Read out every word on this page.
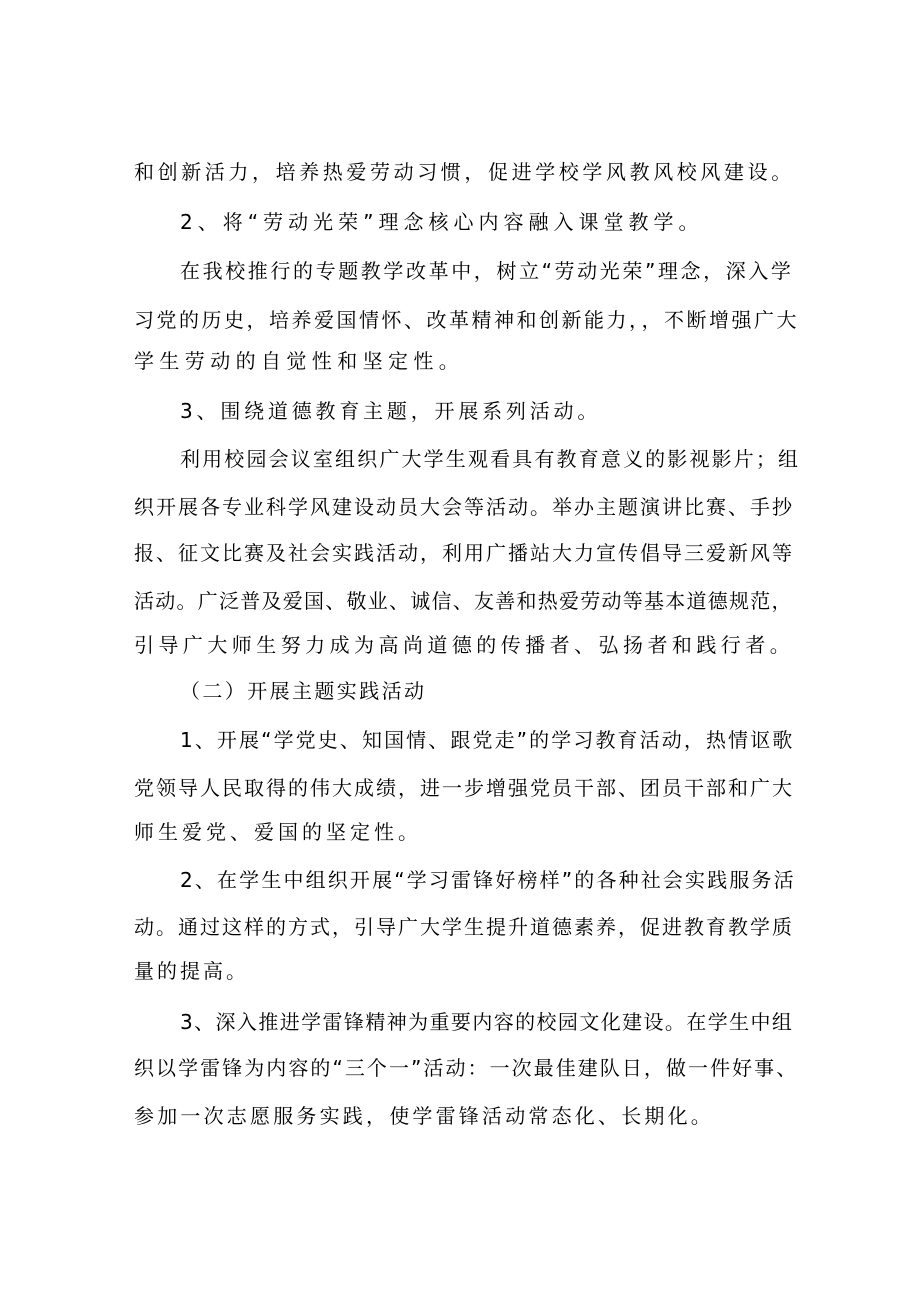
和创新活力，培养热爱劳动习惯，促进学校学风教风校风建设。
2、将“劳动光荣”理念核心内容融入课堂教学。
在我校推行的专题教学改革中，树立“劳动光荣”理念，深入学
习党的历史，培养爱国情怀、改革精神和创新能力，，不断增强广大
学生劳动的自觉性和坚定性。
3、围绕道德教育主题，开展系列活动。
利用校园会议室组织广大学生观看具有教育意义的影视影片；组
织开展各专业科学风建设动员大会等活动。举办主题演讲比赛、手抄
报、征文比赛及社会实践活动，利用广播站大力宣传倡导三爱新风等
活动。广泛普及爱国、敬业、诚信、友善和热爱劳动等基本道德规范，
引导广大师生努力成为高尚道德的传播者、弘扬者和践行者。
（二）开展主题实践活动
1、开展“学党史、知国情、跟党走”的学习教育活动，热情讴歌
党领导人民取得的伟大成绩，进一步增强党员干部、团员干部和广大
师生爱党、爱国的坚定性。
2、在学生中组织开展“学习雷锋好榜样”的各种社会实践服务活
动。通过这样的方式，引导广大学生提升道德素养，促进教育教学质
量的提高。
3、深入推进学雷锋精神为重要内容的校园文化建设。在学生中组
织以学雷锋为内容的“三个一”活动：一次最佳建队日，做一件好事、
参加一次志愿服务实践，使学雷锋活动常态化、长期化。
